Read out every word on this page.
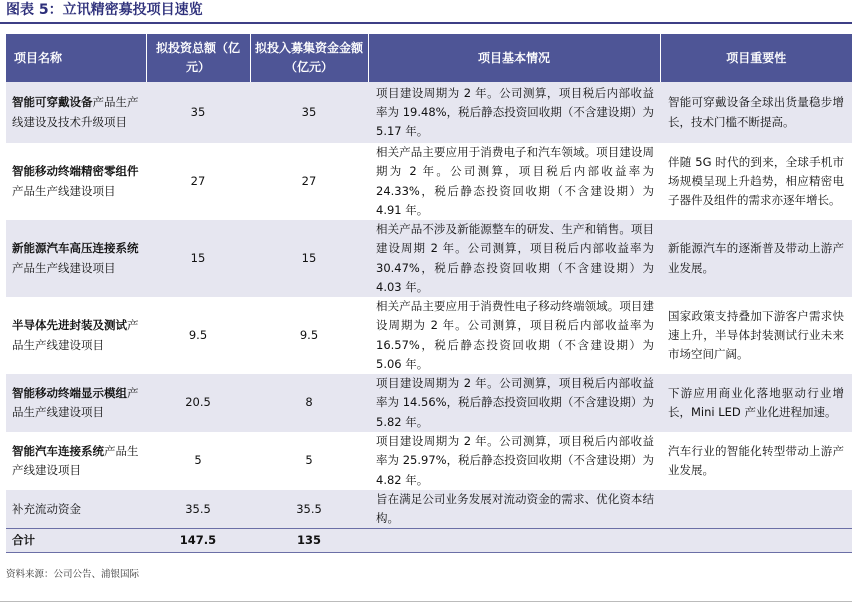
图表 5：立讯精密募投项目速览
项目名称	拟投资总额（亿元）	拟投入募集资金金额（亿元）	项目基本情况	项目重要性
智能可穿戴设备产品生产线建设及技术升级项目	35	35	项目建设周期为 2 年。公司测算，项目税后内部收益率为 19.48%，税后静态投资回收期（不含建设期）为 5.17 年。	智能可穿戴设备全球出货量稳步增长，技术门槛不断提高。
智能移动终端精密零组件产品生产线建设项目	27	27	相关产品主要应用于消费电子和汽车领域。项目建设周期为 2 年。公司测算，项目税后内部收益率为 24.33%，税后静态投资回收期（不含建设期）为 4.91 年。	伴随 5G 时代的到来，全球手机市场规模呈现上升趋势，相应精密电子器件及组件的需求亦逐年增长。
新能源汽车高压连接系统产品生产线建设项目	15	15	相关产品不涉及新能源整车的研发、生产和销售。项目建设周期 2 年。公司测算，项目税后内部收益率为 30.47%，税后静态投资回收期（不含建设期）为 4.03 年。	新能源汽车的逐渐普及带动上游产业发展。
半导体先进封装及测试产品生产线建设项目	9.5	9.5	相关产品主要应用于消费性电子移动终端领域。项目建设周期为 2 年。公司测算，项目税后内部收益率为 16.57%，税后静态投资回收期（不含建设期）为 5.06 年。	国家政策支持叠加下游客户需求快速上升，半导体封装测试行业未来市场空间广阔。
智能移动终端显示模组产品生产线建设项目	20.5	8	项目建设周期为 2 年。公司测算，项目税后内部收益率为 14.56%，税后静态投资回收期（不含建设期）为 5.82 年。	下游应用商业化落地驱动行业增长，Mini LED 产业化进程加速。
智能汽车连接系统产品生产线建设项目	5	5	项目建设周期为 2 年。公司测算，项目税后内部收益率为 25.97%，税后静态投资回收期（不含建设期）为 4.82 年。	汽车行业的智能化转型带动上游产业发展。
补充流动资金	35.5	35.5	旨在满足公司业务发展对流动资金的需求、优化资本结构。	
合计	147.5	135		
资料来源：公司公告、浦银国际
